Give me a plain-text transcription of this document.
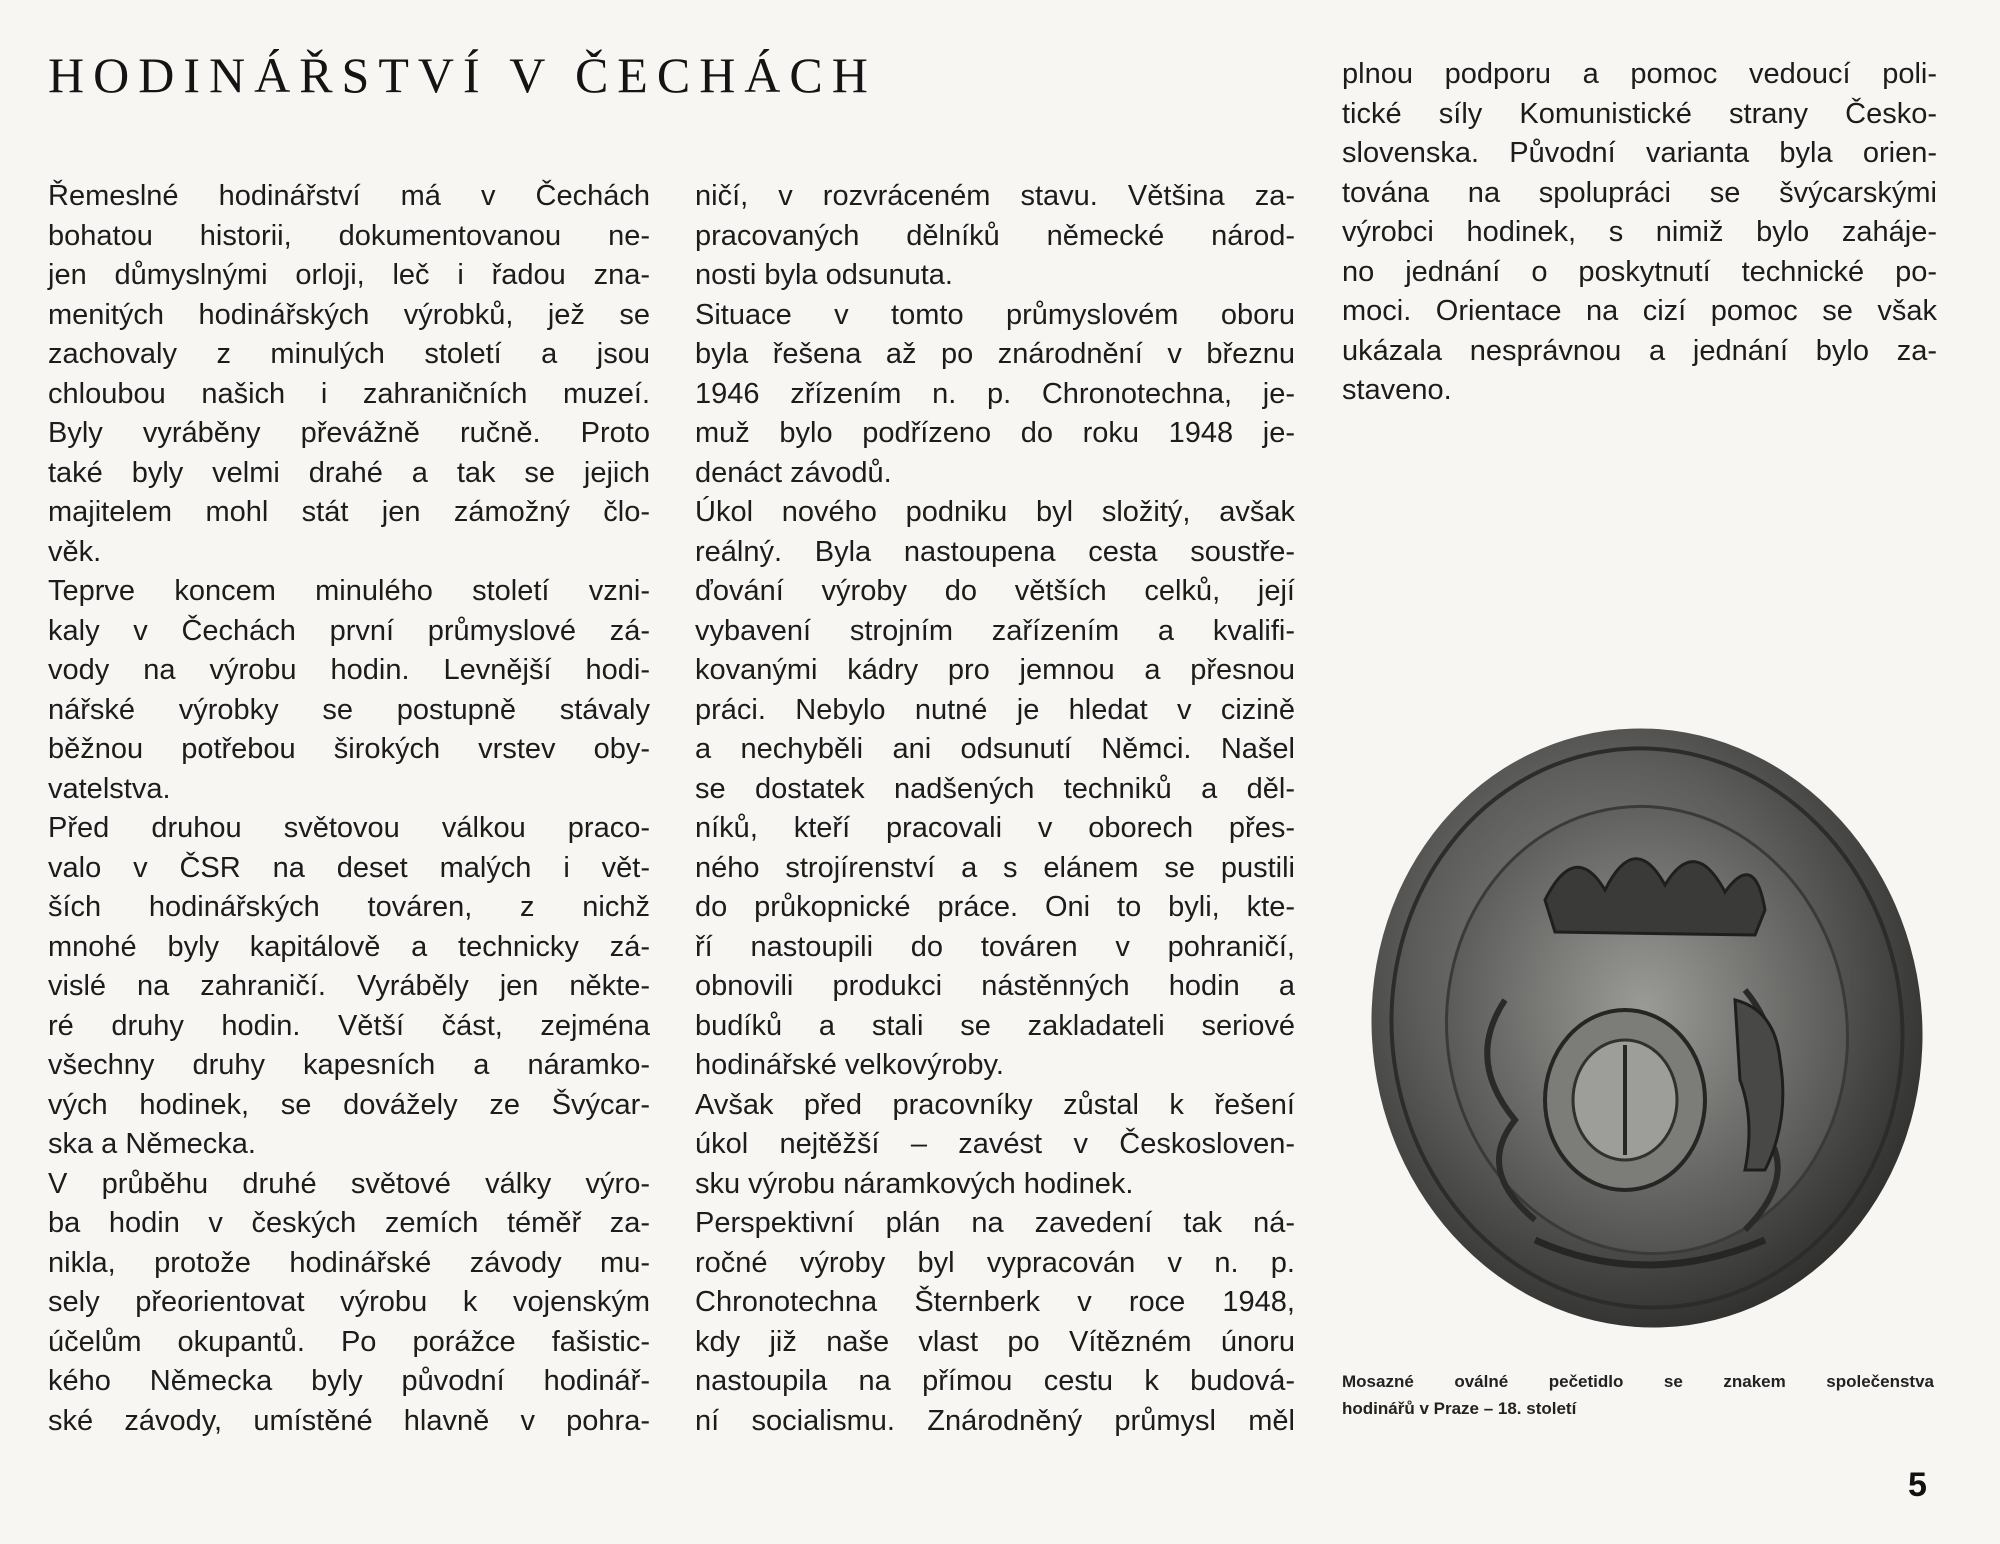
HODINÁŘSTVÍ V ČECHÁCH
Řemeslné hodinářství má v Čechách
bohatou historii, dokumentovanou ne-
jen důmyslnými orloji, leč i řadou zna-
menitých hodinářských výrobků, jež se
zachovaly z minulých století a jsou
chloubou našich i zahraničních muzeí.
Byly vyráběny převážně ručně. Proto
také byly velmi drahé a tak se jejich
majitelem mohl stát jen zámožný člo-
věk.
Teprve koncem minulého století vzni-
kaly v Čechách první průmyslové zá-
vody na výrobu hodin. Levnější hodi-
nářské výrobky se postupně stávaly
běžnou potřebou širokých vrstev oby-
vatelstva.
Před druhou světovou válkou praco-
valo v ČSR na deset malých i vět-
ších hodinářských továren, z nichž
mnohé byly kapitálově a technicky zá-
vislé na zahraničí. Vyráběly jen někte-
ré druhy hodin. Větší část, zejména
všechny druhy kapesních a náramko-
vých hodinek, se dovážely ze Švýcar-
ska a Německa.
V průběhu druhé světové války výro-
ba hodin v českých zemích téměř za-
nikla, protože hodinářské závody mu-
sely přeorientovat výrobu k vojenským
účelům okupantů. Po porážce fašistic-
kého Německa byly původní hodinář-
ské závody, umístěné hlavně v pohra-
ničí, v rozvráceném stavu. Většina za-
pracovaných dělníků německé národ-
nosti byla odsunuta.
Situace v tomto průmyslovém oboru
byla řešena až po znárodnění v březnu
1946 zřízením n. p. Chronotechna, je-
muž bylo podřízeno do roku 1948 je-
denáct závodů.
Úkol nového podniku byl složitý, avšak
reálný. Byla nastoupena cesta soustře-
ďování výroby do větších celků, její
vybavení strojním zařízením a kvalifi-
kovanými kádry pro jemnou a přesnou
práci. Nebylo nutné je hledat v cizině
a nechyběli ani odsunutí Němci. Našel
se dostatek nadšených techniků a děl-
níků, kteří pracovali v oborech přes-
ného strojírenství a s elánem se pustili
do průkopnické práce. Oni to byli, kte-
ří nastoupili do továren v pohraničí,
obnovili produkci nástěnných hodin a
budíků a stali se zakladateli seriové
hodinářské velkovýroby.
Avšak před pracovníky zůstal k řešení
úkol nejtěžší – zavést v Českosloven-
sku výrobu náramkových hodinek.
Perspektivní plán na zavedení tak ná-
ročné výroby byl vypracován v n. p.
Chronotechna Šternberk v roce 1948,
kdy již naše vlast po Vítězném únoru
nastoupila na přímou cestu k budová-
ní socialismu. Znárodněný průmysl měl
plnou podporu a pomoc vedoucí poli-
tické síly Komunistické strany Česko-
slovenska. Původní varianta byla orien-
tována na spolupráci se švýcarskými
výrobci hodinek, s nimiž bylo zaháje-
no jednání o poskytnutí technické po-
moci. Orientace na cizí pomoc se však
ukázala nesprávnou a jednání bylo za-
staveno.
Mosazné oválné pečetidlo se znakem společenstva
hodinářů v Praze – 18. století
5
